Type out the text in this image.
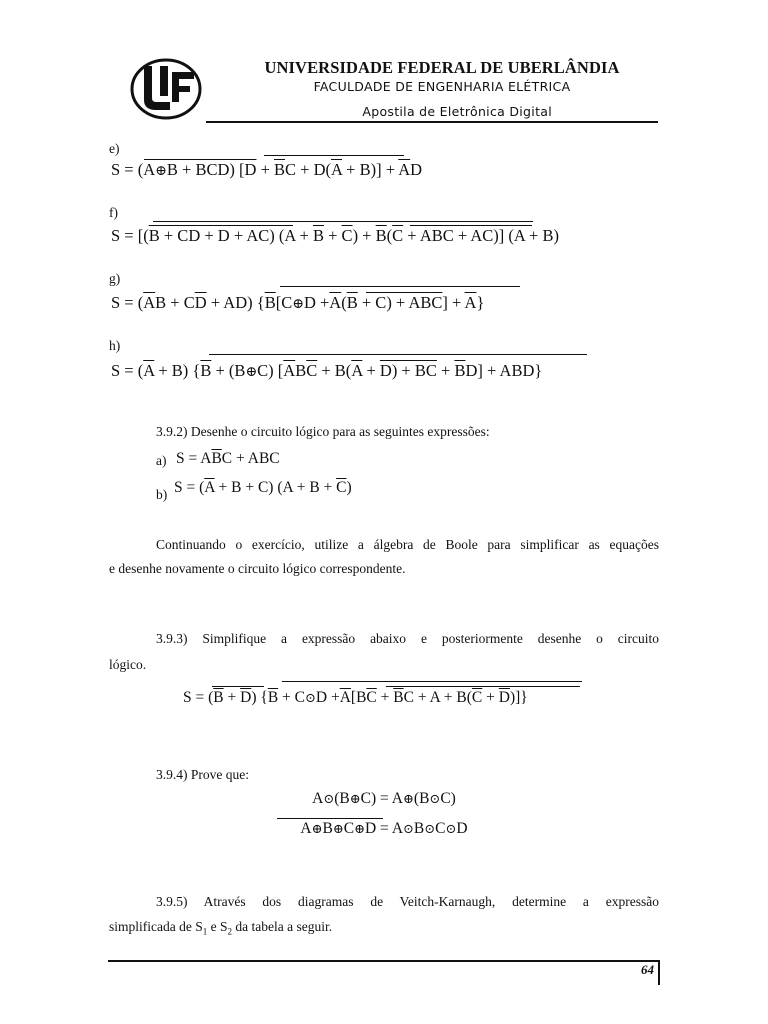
UNIVERSIDADE FEDERAL DE UBERLÂNDIA
FACULDADE DE ENGENHARIA ELÉTRICA
Apostila de Eletrônica Digital
e)
S = (A⊕B + $\overline{B}C\overline{D}$) $[\overline{D} + \overline{B}C + D(\overline{A} + B)] + \overline{A}D$
f)
$S = [(\overline{B} + C\overline{D} + \overline{D} + AC) (A + \overline{B} + \overline{C}) + \overline{B}(\overline{C} + \overline{A}BC + AC)] (A + B)$
g)
$S = (\overline{A}B + C\overline{D} + AD)$ $\{\overline{B}[C\oplus D +\overline{A}(\overline{B} + \overline{C}) + A\overline{B}\overline{C}] + \overline{A}\}$
h)
$S = (\overline{A} + B) \{\overline{B}$ + (B⊕C) $[\overline{A}B\overline{C} + B(\overline{A} + \overline{D}) + B\overline{C} + \overline{B}D] + ABD$}
3.9.2) Desenhe o circuito lógico para as seguintes expressões:
a) $S = A\overline{B}C$ + ABC
b) $S = (\overline{A} + B + C) (A + B + \overline{C})$
Continuando o exercício, utilize a álgebra de Boole para simplificar as equações
e desenhe novamente o circuito lógico correspondente.
3.9.3) Simplifique a expressão abaixo e posteriormente desenhe o circuito
lógico.
$S = (\overline{B} + \overline{D}) \{\overline{B}$ + C⊙D $+\overline{A}[B\overline{C} + \overline{B}C + A + B(\overline{C} + \overline{D})]$}
3.9.4) Prove que:
A⊙(B⊕C) = A⊕(B⊙C)
A⊕B⊕C⊕D = A⊙B⊙C⊙D
3.9.5) Através dos diagramas de Veitch-Karnaugh, determine a expressão
simplificada de $S_1$ e $S_2$ da tabela a seguir.
64
